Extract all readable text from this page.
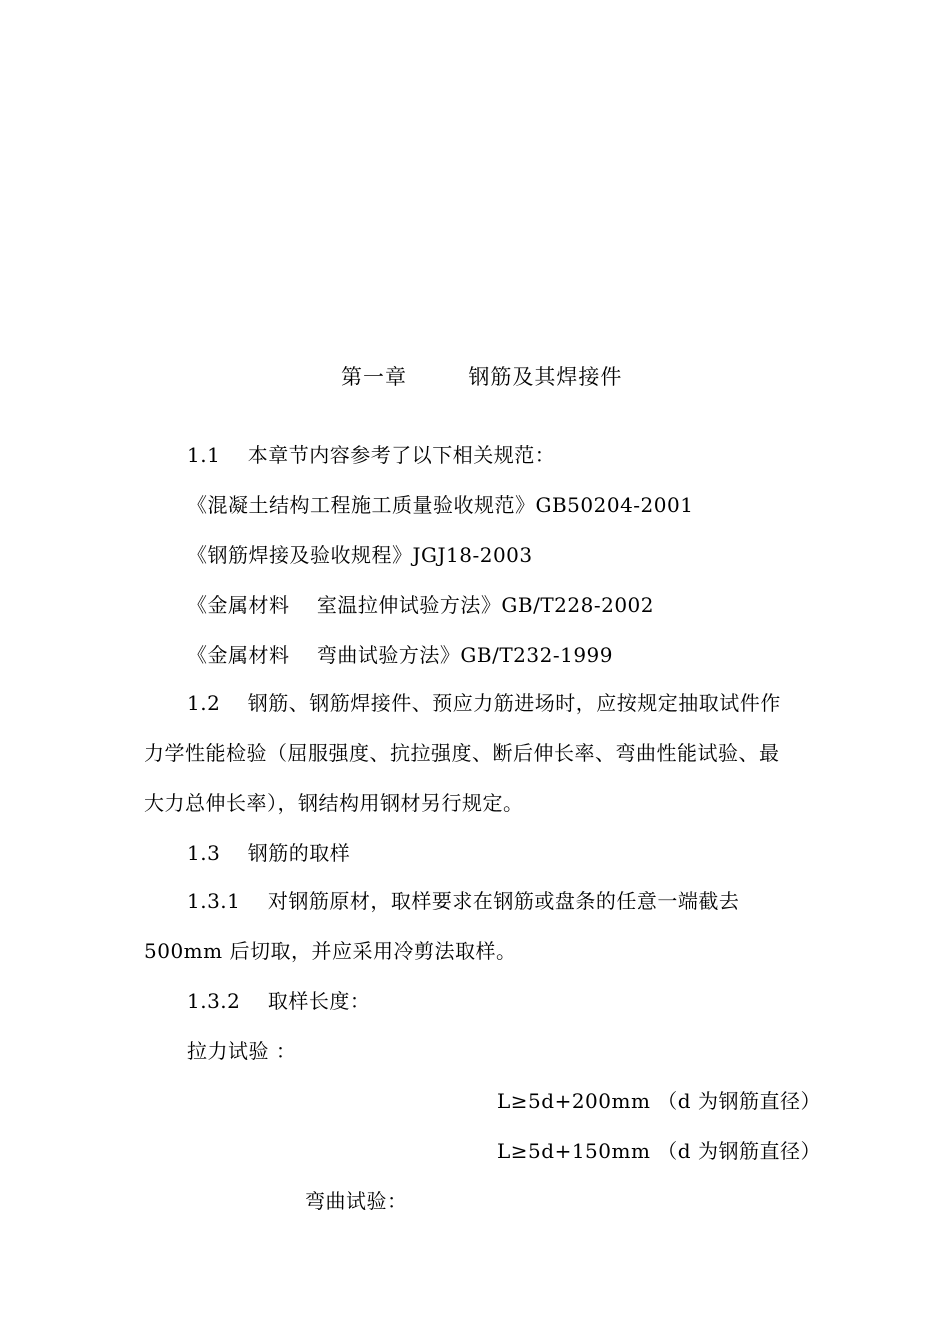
第一章        钢筋及其焊接件
1.1    本章节内容参考了以下相关规范：
《混凝土结构工程施工质量验收规范》GB50204-2001
《钢筋焊接及验收规程》JGJ18-2003
《金属材料    室温拉伸试验方法》GB/T228-2002
《金属材料    弯曲试验方法》GB/T232-1999
1.2    钢筋、钢筋焊接件、预应力筋进场时，应按规定抽取试件作
力学性能检验（屈服强度、抗拉强度、断后伸长率、弯曲性能试验、最
大力总伸长率），钢结构用钢材另行规定。
1.3    钢筋的取样
1.3.1    对钢筋原材，取样要求在钢筋或盘条的任意一端截去
500mm 后切取，并应采用冷剪法取样。
1.3.2    取样长度：
拉力试验 ：
L≥5d+200mm （d 为钢筋直径）
L≥5d+150mm （d 为钢筋直径）
弯曲试验：
